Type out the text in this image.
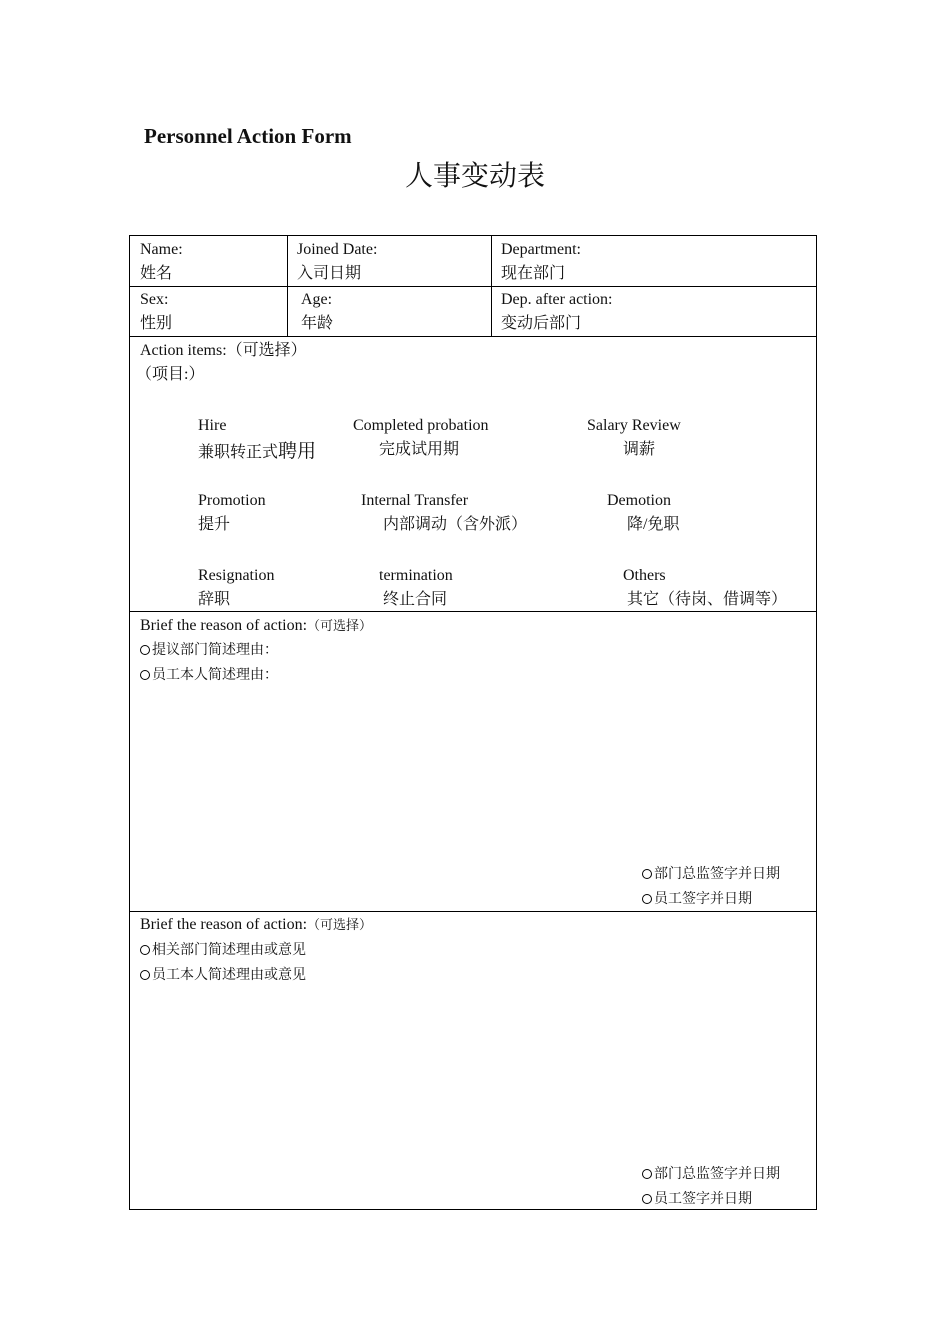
Personnel Action Form
人事变动表
Name:
姓名
Joined Date:
入司日期
Department:
现在部门
Sex:
性别
Age:
年龄
Dep. after action:
变动后部门
Action items:（可选择）
（项目:）
Hire
兼职转正式聘用
Completed probation
完成试用期
Salary Review
调薪
Promotion
提升
Internal Transfer
内部调动（含外派）
Demotion
降/免职
Resignation
辞职
termination
终止合同
Others
其它（待岗、借调等）
Brief the reason of action:（可选择）
提议部门简述理由：
员工本人简述理由：
部门总监签字并日期
员工签字并日期
Brief the reason of action:（可选择）
相关部门简述理由或意见
员工本人简述理由或意见
部门总监签字并日期
员工签字并日期
